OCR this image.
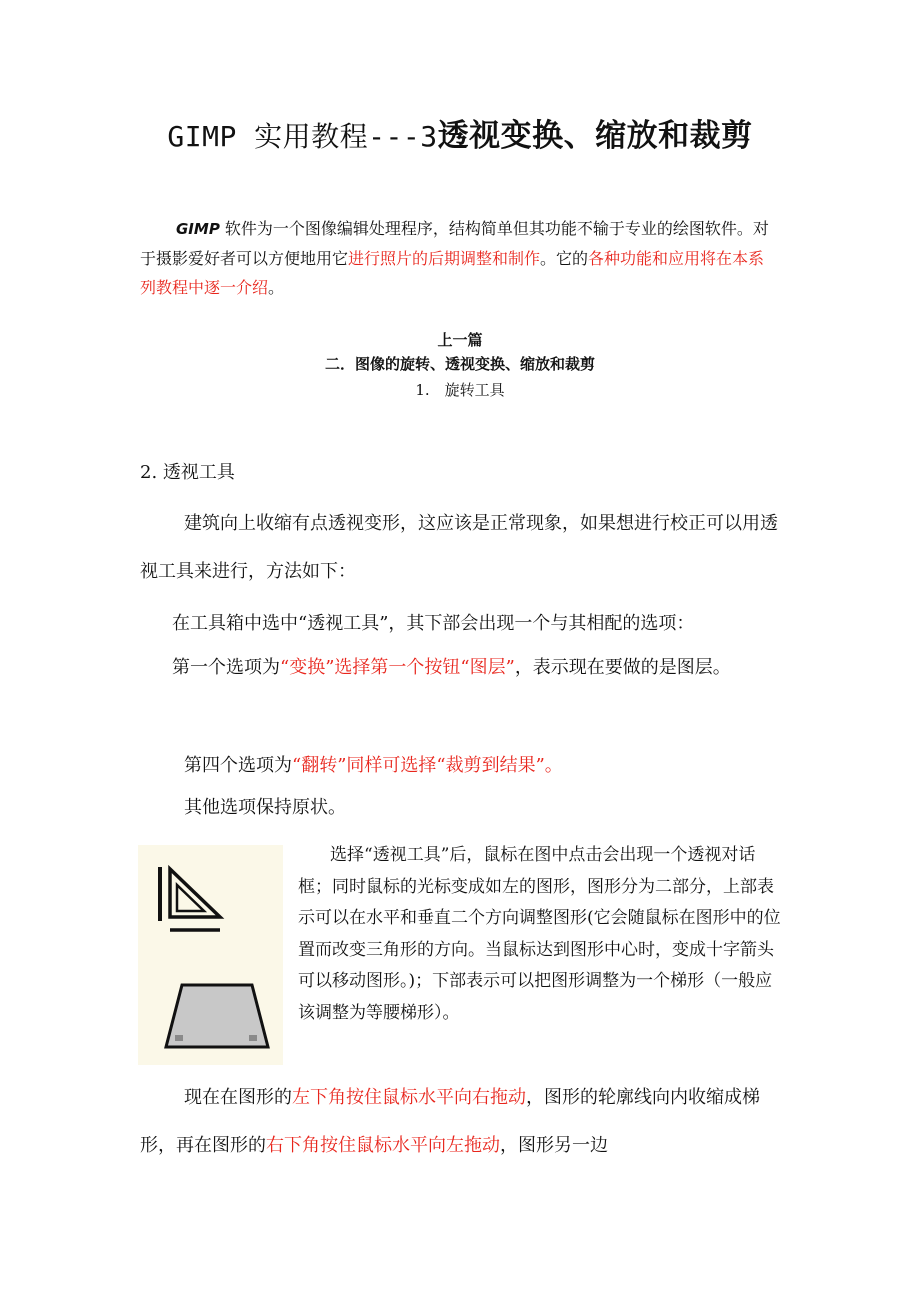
GIMP 实用教程---3透视变换、缩放和裁剪
GIMP 软件为一个图像编辑处理程序，结构简单但其功能不输于专业的绘图软件。对于摄影爱好者可以方便地用它进行照片的后期调整和制作。它的各种功能和应用将在本系列教程中逐一介绍。
上一篇
二．图像的旋转、透视变换、缩放和裁剪
1.　旋转工具
2. 透视工具
建筑向上收缩有点透视变形，这应该是正常现象，如果想进行校正可以用透视工具来进行，方法如下：
在工具箱中选中“透视工具”，其下部会出现一个与其相配的选项：
第一个选项为“变换”选择第一个按钮“图层”，表示现在要做的是图层。
第四个选项为“翻转”同样可选择“裁剪到结果”。
其他选项保持原状。
选择“透视工具”后，鼠标在图中点击会出现一个透视对话框；同时鼠标的光标变成如左的图形，图形分为二部分，上部表示可以在水平和垂直二个方向调整图形(它会随鼠标在图形中的位置而改变三角形的方向。当鼠标达到图形中心时，变成十字箭头可以移动图形。)；下部表示可以把图形调整为一个梯形（一般应该调整为等腰梯形）。
现在在图形的左下角按住鼠标水平向右拖动，图形的轮廓线向内收缩成梯形，再在图形的右下角按住鼠标水平向左拖动，图形另一边
